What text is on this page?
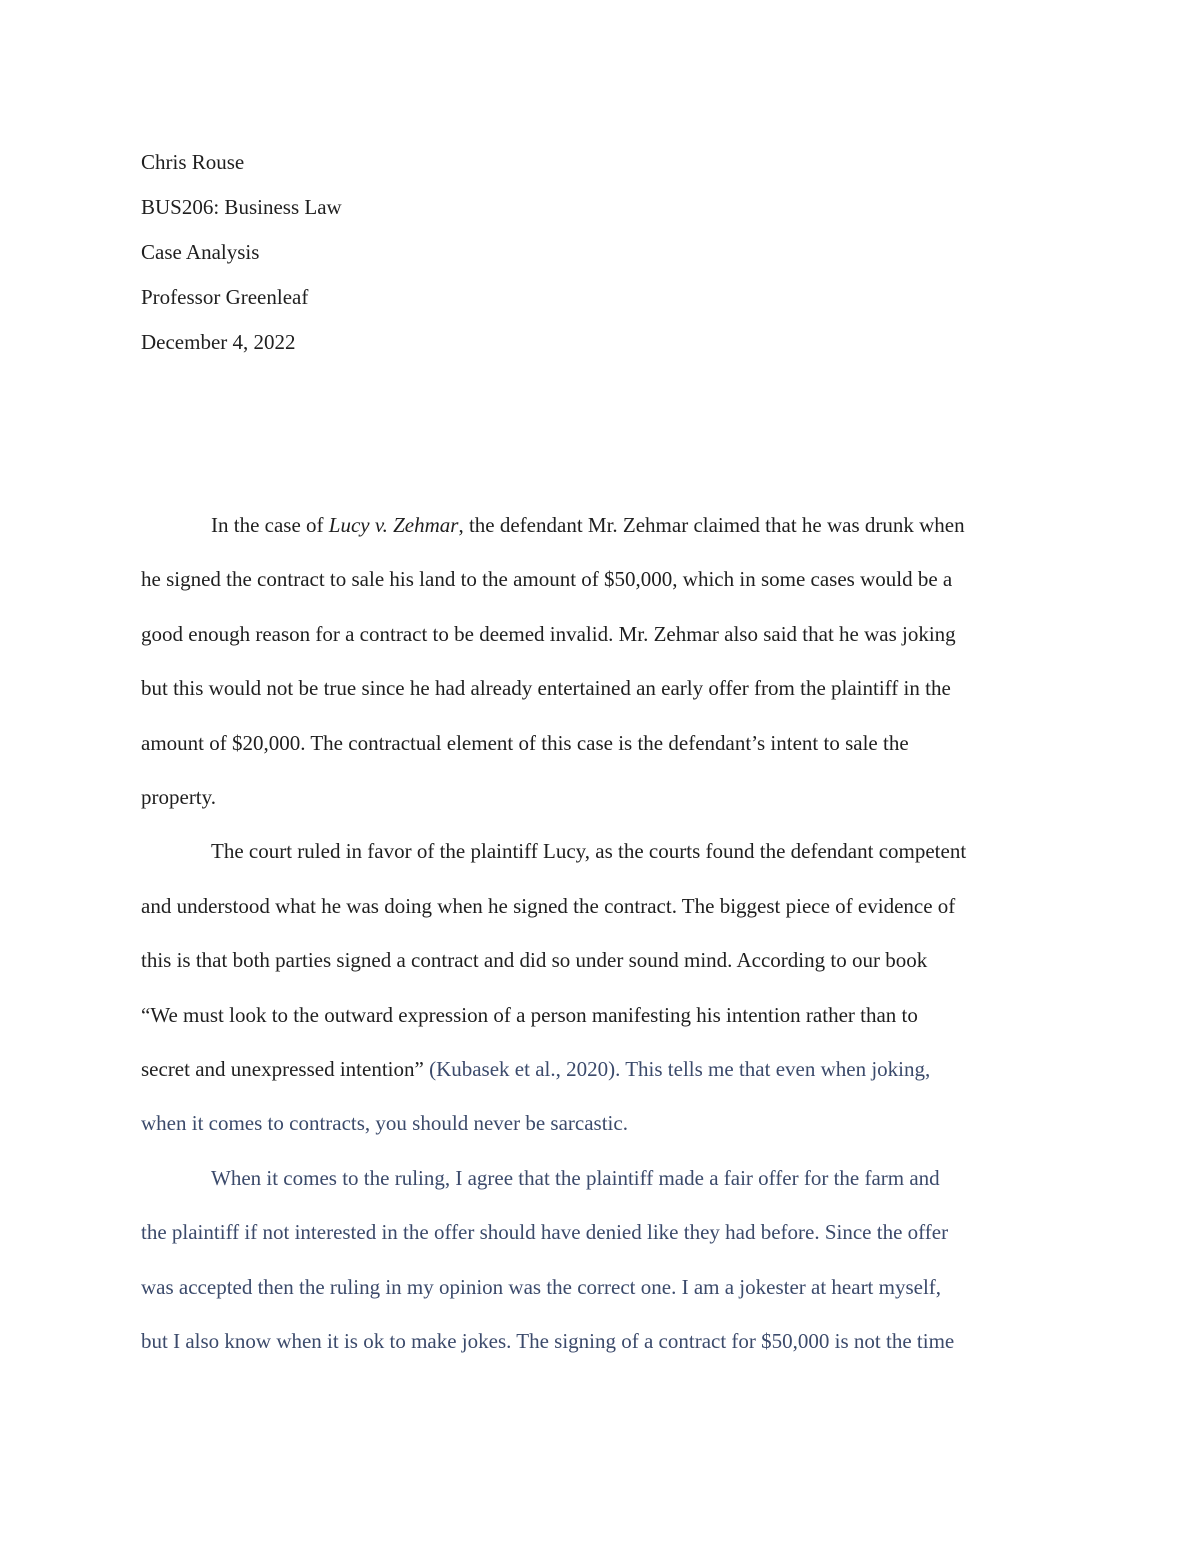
Chris Rouse
BUS206: Business Law
Case Analysis
Professor Greenleaf
December 4, 2022

In the case of Lucy v. Zehmar, the defendant Mr. Zehmar claimed that he was drunk when
he signed the contract to sale his land to the amount of $50,000, which in some cases would be a
good enough reason for a contract to be deemed invalid. Mr. Zehmar also said that he was joking
but this would not be true since he had already entertained an early offer from the plaintiff in the
amount of $20,000. The contractual element of this case is the defendant’s intent to sale the
property.

The court ruled in favor of the plaintiff Lucy, as the courts found the defendant competent
and understood what he was doing when he signed the contract. The biggest piece of evidence of
this is that both parties signed a contract and did so under sound mind. According to our book
“We must look to the outward expression of a person manifesting his intention rather than to
secret and unexpressed intention” (Kubasek et al., 2020). This tells me that even when joking,
when it comes to contracts, you should never be sarcastic.

When it comes to the ruling, I agree that the plaintiff made a fair offer for the farm and
the plaintiff if not interested in the offer should have denied like they had before. Since the offer
was accepted then the ruling in my opinion was the correct one. I am a jokester at heart myself,
but I also know when it is ok to make jokes. The signing of a contract for $50,000 is not the time
